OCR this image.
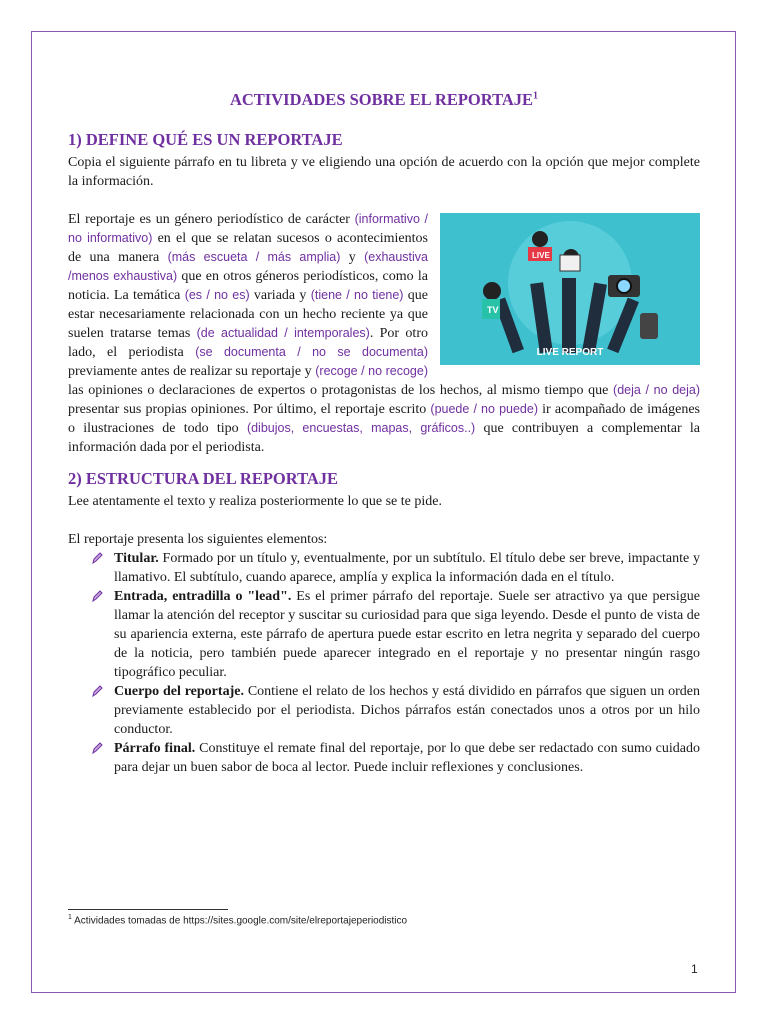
ACTIVIDADES SOBRE EL REPORTAJE$^1$
1) DEFINE QUÉ ES UN REPORTAJE

Copia el siguiente párrafo en tu libreta y ve eligiendo una opción de acuerdo con la opción que mejor complete la información.

TV
LIVE
LIVE REPORT

El reportaje es un género periodístico de carácter (informativo / no informativo) en el que se relatan sucesos o acontecimientos de una manera (más escueta / más amplia) y (exhaustiva /menos exhaustiva) que en otros géneros periodísticos, como la noticia. La temática (es / no es) variada y (tiene / no tiene) que estar necesariamente relacionada con un hecho reciente ya que suelen tratarse temas (de actualidad / intemporales). Por otro lado, el periodista (se documenta / no se documenta) previamente antes de realizar su reportaje y (recoge / no recoge) las opiniones o declaraciones de expertos o protagonistas de los hechos, al mismo tiempo que (deja / no deja) presentar sus propias opiniones. Por último, el reportaje escrito (puede / no puede) ir acompañado de imágenes o ilustraciones de todo tipo (dibujos, encuestas, mapas, gráficos..) que contribuyen a complementar la información dada por el periodista.

2) ESTRUCTURA DEL REPORTAJE

Lee atentamente el texto y realiza posteriormente lo que se te pide.

El reportaje presenta los siguientes elementos:

Titular. Formado por un título y, eventualmente, por un subtítulo. El título debe ser breve, impactante y llamativo. El subtítulo, cuando aparece, amplía y explica la información dada en el título.
Entrada, entradilla o "lead". Es el primer párrafo del reportaje. Suele ser atractivo ya que persigue llamar la atención del receptor y suscitar su curiosidad para que siga leyendo. Desde el punto de vista de su apariencia externa, este párrafo de apertura puede estar escrito en letra negrita y separado del cuerpo de la noticia, pero también puede aparecer integrado en el reportaje y no presentar ningún rasgo tipográfico peculiar.
Cuerpo del reportaje. Contiene el relato de los hechos y está dividido en párrafos que siguen un orden previamente establecido por el periodista. Dichos párrafos están conectados unos a otros por un hilo conductor.
Párrafo final. Constituye el remate final del reportaje, por lo que debe ser redactado con sumo cuidado para dejar un buen sabor de boca al lector. Puede incluir reflexiones y conclusiones.
$^1$ Actividades tomadas de https://sites.google.com/site/elreportajeperiodistico
1
